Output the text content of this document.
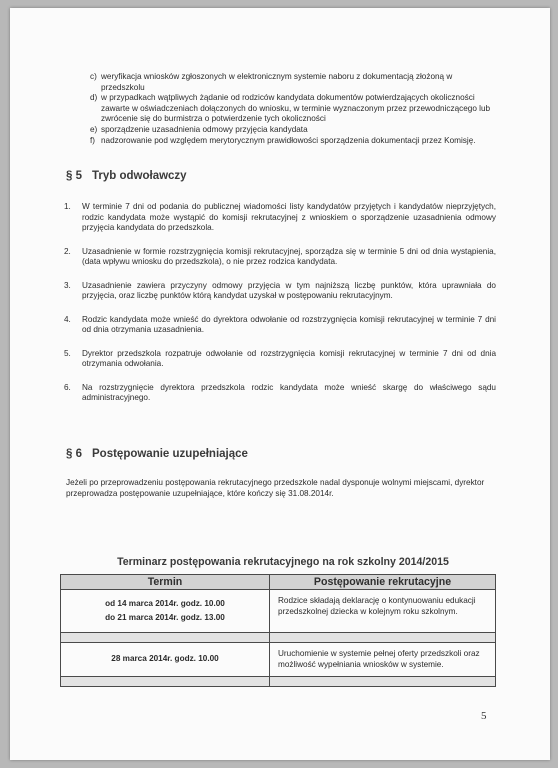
c) weryfikacja wniosków zgłoszonych w elektronicznym systemie naboru z dokumentacją złożoną w przedszkolu
d) w przypadkach wątpliwych żądanie od rodziców kandydata dokumentów potwierdzających okoliczności zawarte w oświadczeniach dołączonych do wniosku, w terminie wyznaczonym przez przewodniczącego lub zwrócenie się do burmistrza o potwierdzenie tych okoliczności
e) sporządzenie uzasadnienia odmowy przyjęcia kandydata
f) nadzorowanie pod względem merytorycznym prawidłowości sporządzenia dokumentacji przez Komisję.
§ 5 Tryb odwoławczy
1. W terminie 7 dni od podania do publicznej wiadomości listy kandydatów przyjętych i kandydatów nieprzyjętych, rodzic kandydata może wystąpić do komisji rekrutacyjnej z wnioskiem o sporządzenie uzasadnienia odmowy przyjęcia kandydata do przedszkola.
2. Uzasadnienie w formie rozstrzygnięcia komisji rekrutacyjnej, sporządza się w terminie 5 dni od dnia wystąpienia,(data wpływu wniosku do przedszkola), o nie przez rodzica kandydata.
3. Uzasadnienie zawiera przyczyny odmowy przyjęcia w tym najniższą liczbę punktów, która uprawniała do przyjęcia, oraz liczbę punktów którą kandydat uzyskał w postępowaniu rekrutacyjnym.
4. Rodzic kandydata może wnieść do dyrektora odwołanie od rozstrzygnięcia komisji rekrutacyjnej w terminie 7 dni od dnia otrzymania uzasadnienia.
5. Dyrektor przedszkola rozpatruje odwołanie od rozstrzygnięcia komisji rekrutacyjnej w terminie 7 dni od dnia otrzymania odwołania.
6. Na rozstrzygnięcie dyrektora przedszkola rodzic kandydata może wnieść skargę do właściwego sądu administracyjnego.
§ 6 Postępowanie uzupełniające
Jeżeli po przeprowadzeniu postępowania rekrutacyjnego przedszkole nadal dysponuje wolnymi miejscami, dyrektor przeprowadza postępowanie uzupełniające, które kończy się 31.08.2014r.
Terminarz postępowania rekrutacyjnego na rok szkolny 2014/2015
Termin	Postępowanie rekrutacyjne

od 14 marca 2014r. godz. 10.00
do 21 marca 2014r. godz. 13.00	Rodzice składają deklarację o kontynuowaniu edukacji przedszkolnej dziecka w kolejnym roku szkolnym.

28 marca 2014r. godz. 10.00	Uruchomienie w systemie pełnej oferty przedszkoli oraz możliwość wypełniania wniosków w systemie.

5
